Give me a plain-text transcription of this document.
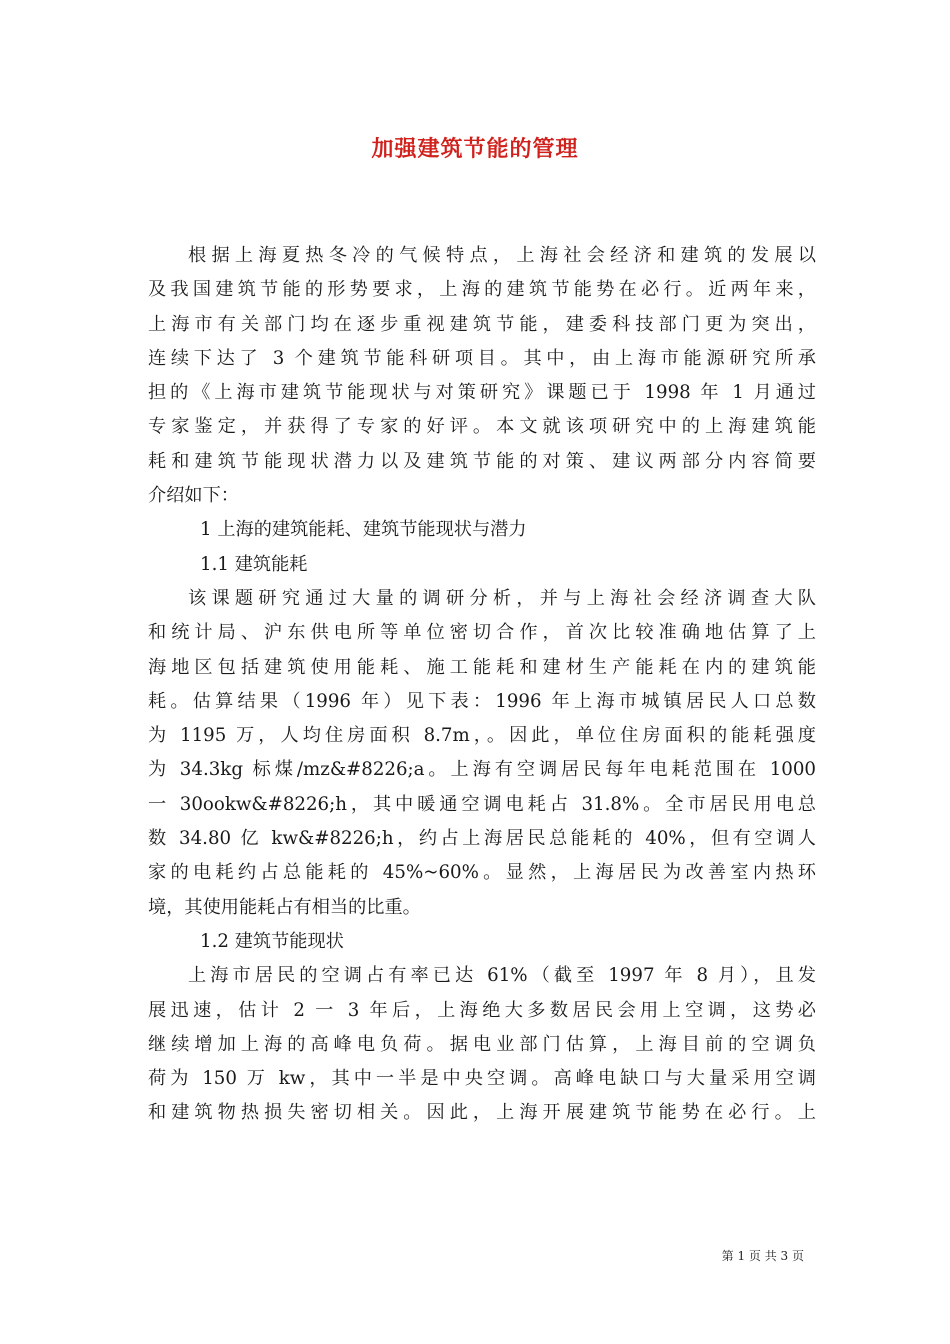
加强建筑节能的管理
根据上海夏热冬冷的气候特点，上海社会经济和建筑的发展以
及我国建筑节能的形势要求，上海的建筑节能势在必行。近两年来，
上海市有关部门均在逐步重视建筑节能，建委科技部门更为突出，
连续下达了 3 个建筑节能科研项目。其中，由上海市能源研究所承
担的《上海市建筑节能现状与对策研究》课题已于 1998 年 1 月通过
专家鉴定，并获得了专家的好评。本文就该项研究中的上海建筑能
耗和建筑节能现状潜力以及建筑节能的对策、建议两部分内容简要
介绍如下：
1 上海的建筑能耗、建筑节能现状与潜力
1.1 建筑能耗
该课题研究通过大量的调研分析，并与上海社会经济调查大队
和统计局、沪东供电所等单位密切合作，首次比较准确地估算了上
海地区包括建筑使用能耗、施工能耗和建材生产能耗在内的建筑能
耗。估算结果（1996 年）见下表：1996 年上海市城镇居民人口总数
为 1195 万，人均住房面积 8.7m，。因此，单位住房面积的能耗强度
为 34.3kg 标煤/mz&#8226;a。上海有空调居民每年电耗范围在 1000
一 30ookw&#8226;h，其中暖通空调电耗占 31.8%。全市居民用电总
数 34.80 亿 kw&#8226;h，约占上海居民总能耗的 40%，但有空调人
家的电耗约占总能耗的 45%~60%。显然，上海居民为改善室内热环
境，其使用能耗占有相当的比重。
1.2 建筑节能现状
上海市居民的空调占有率已达 61%（截至 1997 年 8 月），且发
展迅速，估计 2 一 3 年后，上海绝大多数居民会用上空调，这势必
继续增加上海的高峰电负荷。据电业部门估算，上海目前的空调负
荷为 150 万 kw，其中一半是中央空调。高峰电缺口与大量采用空调
和建筑物热损失密切相关。因此，上海开展建筑节能势在必行。上
第 1 页 共 3 页
